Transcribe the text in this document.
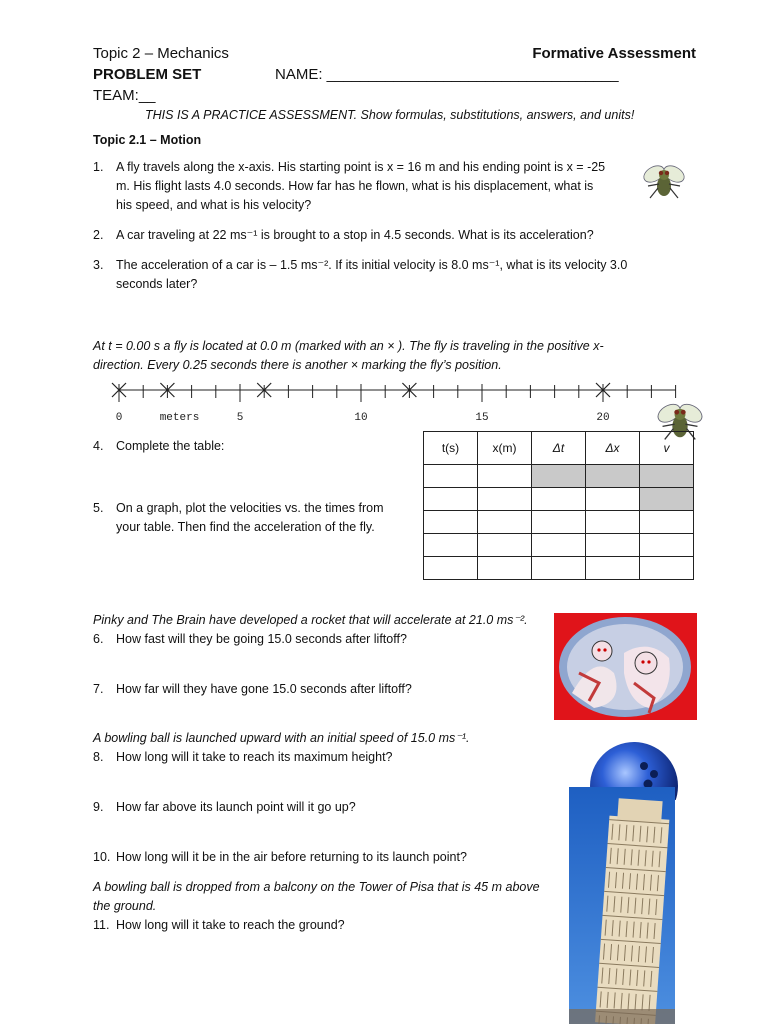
Topic 2 – Mechanics	Formative Assessment
PROBLEM SET	NAME: ___________________________________
TEAM:__
THIS IS A PRACTICE ASSESSMENT. Show formulas, substitutions, answers, and units!
Topic 2.1 – Motion
1.	A fly travels along the x-axis. His starting point is x = 16 m and his ending point is x = -25
m. His flight lasts 4.0 seconds. How far has he flown, what is his displacement, what is
his speed, and what is his velocity?
2.	A car traveling at 22 ms⁻¹ is brought to a stop in 4.5 seconds. What is its acceleration?
3.	The acceleration of a car is – 1.5 ms⁻². If its initial velocity is 8.0 ms⁻¹, what is its velocity 3.0
seconds later?
At t = 0.00 s a fly is located at 0.0 m (marked with an × ). The fly is traveling in the positive x-
direction. Every 0.25 seconds there is another × marking the fly’s position.
0	meters	5	10	15	20
4.	Complete the table:
5.	On a graph, plot the velocities vs. the times from
your table. Then find the acceleration of the fly.
t(s)	x(m)	Δt	Δx	v

Pinky and The Brain have developed a rocket that will accelerate at 21.0 ms⁻².
6.	How fast will they be going 15.0 seconds after liftoff?
7.	How far will they have gone 15.0 seconds after liftoff?
A bowling ball is launched upward with an initial speed of 15.0 ms⁻¹.
8.	How long will it take to reach its maximum height?
9.	How far above its launch point will it go up?
10. How long will it be in the air before returning to its launch point?
A bowling ball is dropped from a balcony on the Tower of Pisa that is 45 m above
the ground.
11. How long will it take to reach the ground?
